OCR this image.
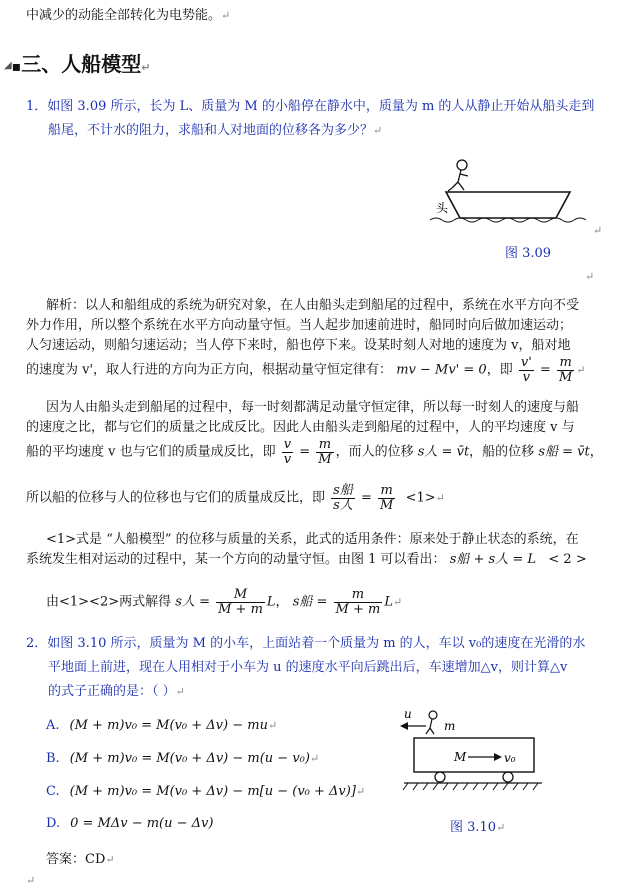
中减少的动能全部转化为电势能。↵
◢▪三、人船模型↵
1．如图 3.09 所示，长为 L、质量为 M 的小船停在静水中，质量为 m 的人从静止开始从船头走到
船尾，不计水的阻力，求船和人对地面的位移各为多少？↵
头
图 3.09
↵
↵
解析：以人和船组成的系统为研究对象，在人由船头走到船尾的过程中，系统在水平方向不受
外力作用，所以整个系统在水平方向动量守恒。当人起步加速前进时，船同时向后做加速运动；
人匀速运动，则船匀速运动；当人停下来时，船也停下来。设某时刻人对地的速度为 v，船对地
的速度为 v'，取人行进的方向为正方向，根据动量守恒定律有： mv − Mv' = 0，即 $\frac{v'}{v} = \frac{m}{M}$ ↵
因为人由船头走到船尾的过程中，每一时刻都满足动量守恒定律，所以每一时刻人的速度与船
的速度之比，都与它们的质量之比成反比。因此人由船头走到船尾的过程中，人的平均速度 v 与
船的平均速度 v 也与它们的质量成反比，即 $\frac{v}{v} = \frac{m}{M}$ ，而人的位移 s人 = v̄t，船的位移 s船 = v̄t，
所以船的位移与人的位移也与它们的质量成反比，即 $\frac{\text{s船}}{\text{s人}} = \frac{m}{M}$ <1>↵
<1>式是 “人船模型” 的位移与质量的关系，此式的适用条件：原来处于静止状态的系统，在
系统发生相对运动的过程中，某一个方向的动量守恒。由图 1 可以看出： s船 + s人 = L < 2 >
由<1><2>两式解得 s人 = $\frac{M}{M + m}$ L， s船 = $\frac{m}{M + m}$ L↵
2．如图 3.10 所示，质量为 M 的小车，上面站着一个质量为 m 的人，车以 v₀的速度在光滑的水
平地面上前进，现在人用相对于小车为 u 的速度水平向后跳出后，车速增加△v，则计算△v
的式子正确的是：（ ）↵
A. (M + m)v₀ = M(v₀ + Δv) − mu↵
B. (M + m)v₀ = M(v₀ + Δv) − m(u − v₀)↵
C. (M + m)v₀ = M(v₀ + Δv) − m[u − (v₀ + Δv)]↵
D. 0 = MΔv − m(u − Δv)
u
m
M	v₀
图 3.10↵
答案：CD↵
↵
